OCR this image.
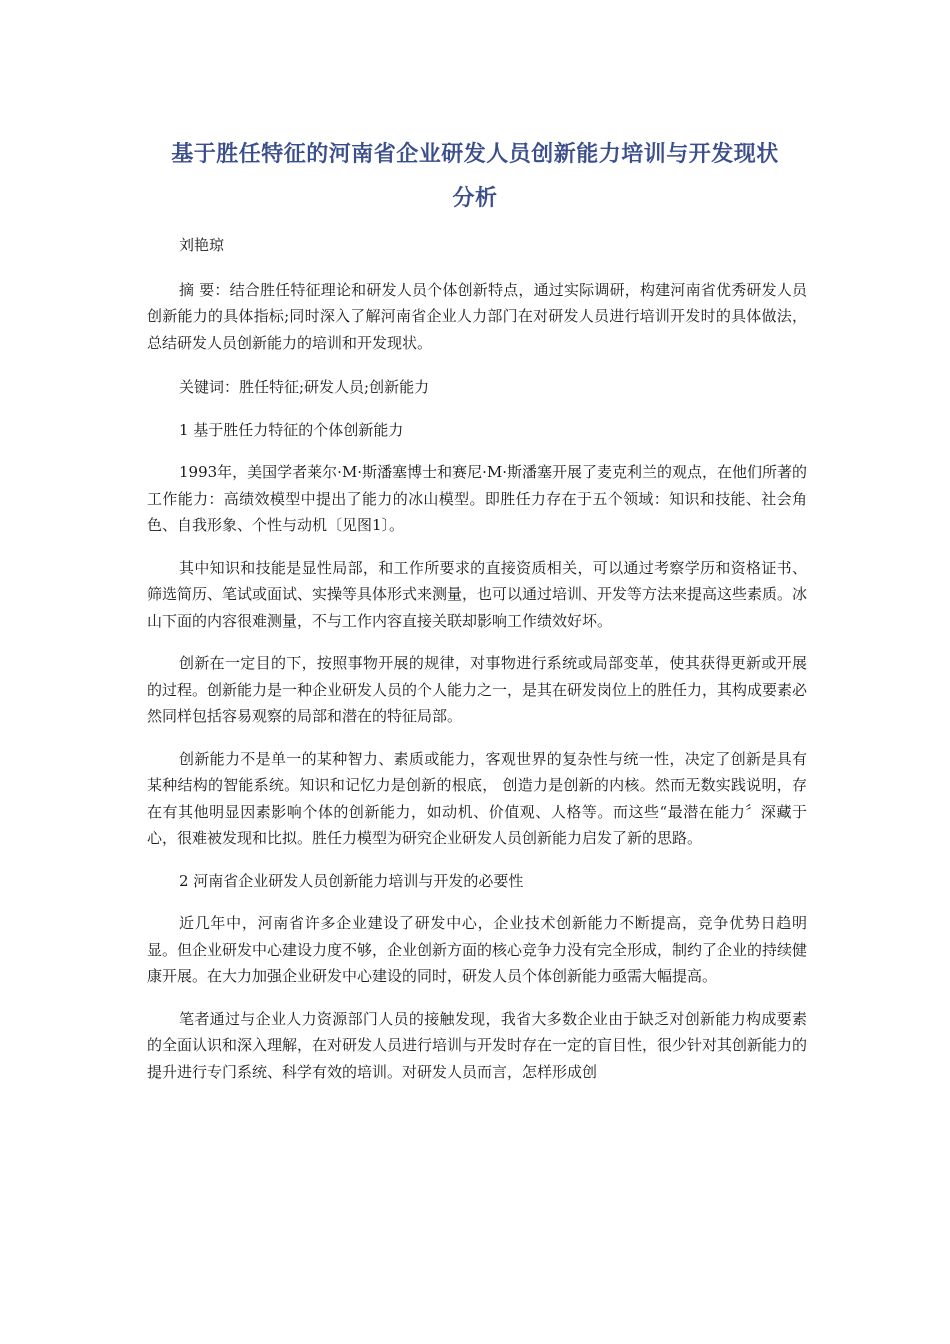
基于胜任特征的河南省企业研发人员创新能力培训与开发现状
分析

刘艳琼

摘 要：结合胜任特征理论和研发人员个体创新特点，通过实际调研，构建河南省优秀研发人员创新能力的具体指标;同时深入了解河南省企业人力部门在对研发人员进行培训开发时的具体做法，总结研发人员创新能力的培训和开发现状。

关键词：胜任特征;研发人员;创新能力

1 基于胜任力特征的个体创新能力

1993年，美国学者莱尔·M·斯潘塞博士和赛尼·M·斯潘塞开展了麦克利兰的观点，在他们所著的工作能力：高绩效模型中提出了能力的冰山模型。即胜任力存在于五个领域：知识和技能、社会角色、自我形象、个性与动机〔见图1〕。

其中知识和技能是显性局部，和工作所要求的直接资质相关，可以通过考察学历和资格证书、筛选简历、笔试或面试、实操等具体形式来测量，也可以通过培训、开发等方法来提高这些素质。冰山下面的内容很难测量，不与工作内容直接关联却影响工作绩效好坏。

创新在一定目的下，按照事物开展的规律，对事物进行系统或局部变革，使其获得更新或开展的过程。创新能力是一种企业研发人员的个人能力之一，是其在研发岗位上的胜任力，其构成要素必然同样包括容易观察的局部和潜在的特征局部。

创新能力不是单一的某种智力、素质或能力，客观世界的复杂性与统一性，决定了创新是具有某种结构的智能系统。知识和记忆力是创新的根底， 创造力是创新的内核。然而无数实践说明，存在有其他明显因素影响个体的创新能力，如动机、价值观、人格等。而这些“最潜在能力〞深藏于心，很难被发现和比拟。胜任力模型为研究企业研发人员创新能力启发了新的思路。

2 河南省企业研发人员创新能力培训与开发的必要性

近几年中，河南省许多企业建设了研发中心，企业技术创新能力不断提高，竞争优势日趋明显。但企业研发中心建设力度不够，企业创新方面的核心竞争力没有完全形成，制约了企业的持续健康开展。在大力加强企业研发中心建设的同时，研发人员个体创新能力亟需大幅提高。

笔者通过与企业人力资源部门人员的接触发现，我省大多数企业由于缺乏对创新能力构成要素的全面认识和深入理解，在对研发人员进行培训与开发时存在一定的盲目性，很少针对其创新能力的提升进行专门系统、科学有效的培训。对研发人员而言，怎样形成创
